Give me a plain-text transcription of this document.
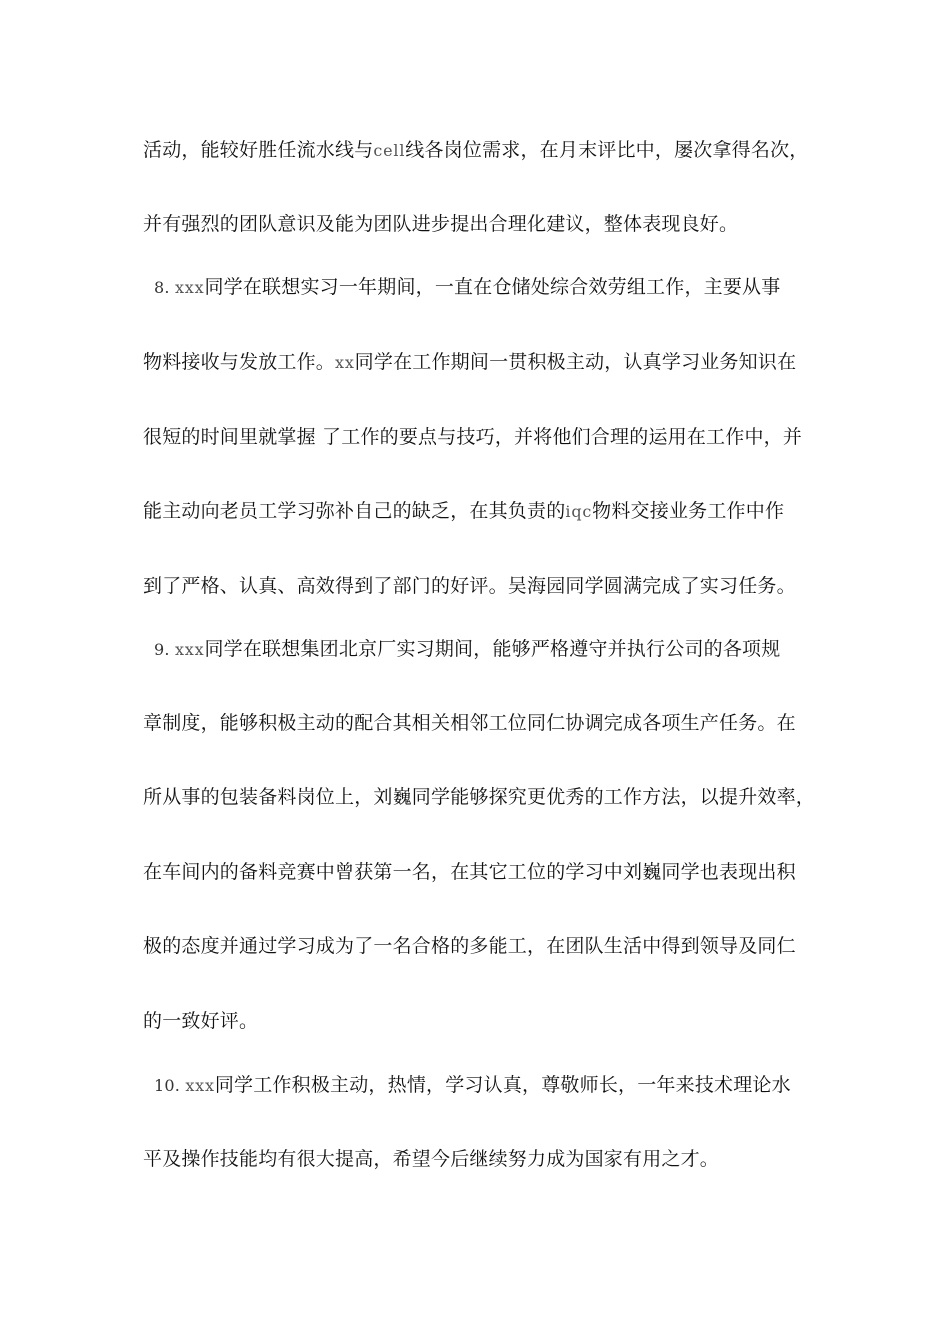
活动，能较好胜任流水线与cell线各岗位需求，在月末评比中，屡次拿得名次，
并有强烈的团队意识及能为团队进步提出合理化建议，整体表现良好。
8. xxx同学在联想实习一年期间，一直在仓储处综合效劳组工作，主要从事
物料接收与发放工作。xx同学在工作期间一贯积极主动，认真学习业务知识在
很短的时间里就掌握 了工作的要点与技巧，并将他们合理的运用在工作中，并
能主动向老员工学习弥补自己的缺乏，在其负责的iqc物料交接业务工作中作
到了严格、认真、高效得到了部门的好评。吴海园同学圆满完成了实习任务。
9. xxx同学在联想集团北京厂实习期间，能够严格遵守并执行公司的各项规
章制度，能够积极主动的配合其相关相邻工位同仁协调完成各项生产任务。在
所从事的包装备料岗位上，刘巍同学能够探究更优秀的工作方法，以提升效率，
在车间内的备料竞赛中曾获第一名，在其它工位的学习中刘巍同学也表现出积
极的态度并通过学习成为了一名合格的多能工，在团队生活中得到领导及同仁
的一致好评。
10. xxx同学工作积极主动，热情，学习认真，尊敬师长，一年来技术理论水
平及操作技能均有很大提高，希望今后继续努力成为国家有用之才。
